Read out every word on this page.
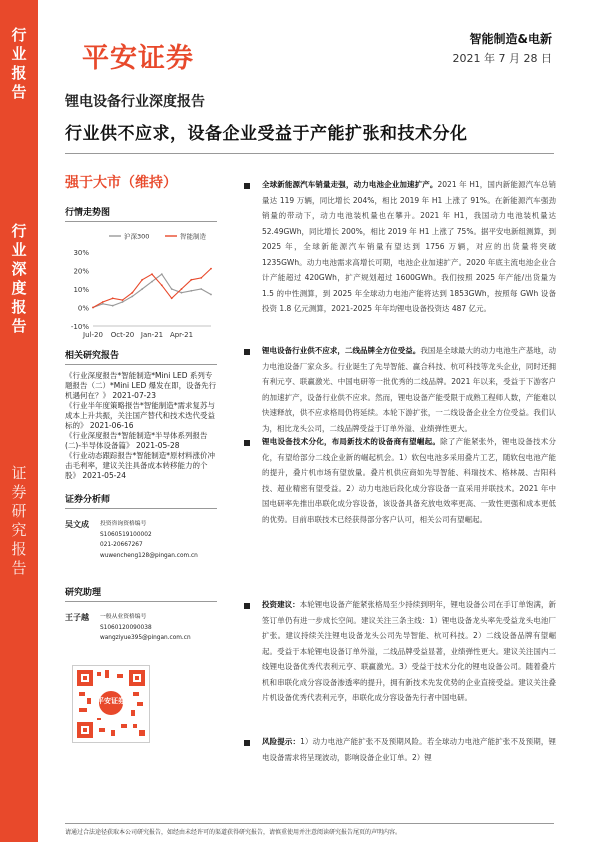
行
业
报
告
行
业
深
度
报
告
证
券
研
究
报
告
平安证券
智能制造&电新
2021 年 7 月 28 日
锂电设备行业深度报告
行业供不应求，设备企业受益于产能扩张和技术分化
强于大市（维持）
行情走势图
30%
20%
10%
0%
-10%
Jul-20 Oct-20 Jan-21 Apr-21
沪深300	智能制造
相关研究报告
《行业深度报告*智能制造*Mini LED 系列专题报告（二）*Mini LED 爆发在即，设备先行机遇何在？》 2021-07-23
《行业半年度策略报告*智能制造*需求复苏与成本上升共振，关注国产替代和技术迭代受益标的》 2021-06-16
《行业深度报告*智能制造*半导体系列报告(二)-半导体设备篇》 2021-05-28
《行业动态跟踪报告*智能制造*原材料涨价冲击毛利率，建议关注具备成本转移能力的个股》 2021-05-24
证券分析师
吴文成	投资咨询资格编号
S1060519100002
021-20667267
wuwencheng128@pingan.com.cn
研究助理
王子越	一般从业资格编号
S1060120090038
wangziyue395@pingan.com.cn
平安证券
全球新能源汽车销量走强，动力电池企业加速扩产。2021 年 H1，国内新能源汽车总销量达 119 万辆，同比增长 204%，相比 2019 年 H1 上涨了 91%。在新能源汽车强劲销量的带动下，动力电池装机量也在攀升。2021 年 H1，我国动力电池装机量达 52.49GWh，同比增长 200%，相比 2019 年 H1 上涨了 75%。据平安电新组测算，到 2025 年，全球新能源汽车销量有望达到 1756 万辆，对应的出货量将突破 1235GWh。动力电池需求高增长可期，电池企业加速扩产。2020 年底主流电池企业合计产能超过 420GWh，扩产规划超过 1600GWh。我们按照 2025 年产能/出货量为 1.5 的中性测算，到 2025 年全球动力电池产能将达到 1853GWh，按照每 GWh 设备投资 1.8 亿元测算，2021-2025 年年均锂电设备投资达 487 亿元。
锂电设备行业供不应求，二线品牌全方位受益。我国是全球最大的动力电池生产基地，动力电池设备厂家众多。行业诞生了先导智能、赢合科技、杭可科技等龙头企业，同时还拥有利元亨、联赢激光、中国电研等一批优秀的二线品牌。2021 年以来，受益于下游客户的加速扩产，设备行业供不应求。然而，锂电设备产能受限于成熟工程师人数，产能难以快速释放，供不应求格局仍将延续。本轮下游扩张，一二线设备企业全方位受益。我们认为，相比龙头公司，二线品牌受益于订单外溢、业绩弹性更大。
锂电设备技术分化，布局新技术的设备商有望崛起。除了产能紧张外，锂电设备技术分化，有望给部分二线企业新的崛起机会。1）软包电池多采用叠片工艺，随软包电池产能的提升，叠片机市场有望放量。叠片机供应商如先导智能、科瑞技术、格林晟、吉阳科技、超业精密有望受益。2）动力电池后段化成分容设备一直采用并联技术。2021 年中国电研率先推出串联化成分容设备，该设备具备充放电效率更高、一致性更强和成本更低的优势。目前串联技术已经获得部分客户认可，相关公司有望崛起。
投资建议：本轮锂电设备产能紧张格局至少持续到明年，锂电设备公司在手订单饱满，新签订单仍有进一步成长空间。建议关注三条主线：1）锂电设备龙头率先受益龙头电池厂扩张。建议持续关注锂电设备龙头公司先导智能、杭可科技。2）二线设备品牌有望崛起。受益于本轮锂电设备订单外溢，二线品牌受益显著，业绩弹性更大。建议关注国内二线锂电设备优秀代表利元亨、联赢激光。3）受益于技术分化的锂电设备公司。随着叠片机和串联化成分容设备渗透率的提升，拥有新技术先发优势的企业直接受益。建议关注叠片机设备优秀代表利元亨，串联化成分容设备先行者中国电研。
风险提示：1）动力电池产能扩张不及预期风险。若全球动力电池产能扩张不及预期，锂电设备需求将呈现波动，影响设备企业订单。2）锂
请通过合法途径获取本公司研究报告，如经由未经许可的渠道获得研究报告，请慎重使用并注意阅读研究报告尾页的声明内容。
